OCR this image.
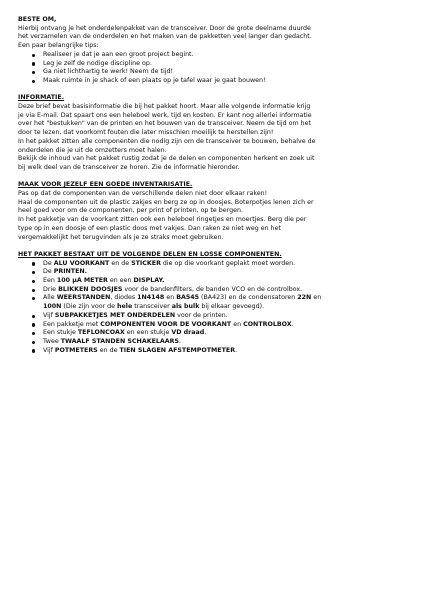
BESTE OM,

Hierbij ontvang je het onderdelenpakket van de transceiver. Door de grote deelname duurde

het verzamelen van de onderdelen en het maken van de pakketten veel langer dan gedacht.

Een paar belangrijke tips:

Realiseer je dat je aan een groot project begint.
Leg je zelf de nodige discipline op.
Ga niet lichthartig te werk! Neem de tijd!
Maak ruimte in je shack of een plaats op je tafel waar je gaat bouwen!
INFORMATIE.

Deze brief bevat basisinformatie die bij het pakket hoort. Maar alle volgende informatie krijg

je via E-mail. Dat spaart ons een heleboel werk, tijd en kosten. Er kant nog allerlei informatie

over het "bestukken" van de printen en het bouwen van de transceiver. Neem de tijd om het

door te lezen, dat voorkomt fouten die later misschien moeilijk te herstellen zijn!

In het pakket zitten alle componenten die nodig zijn om de transceiver te bouwen, behalve de

onderdelen die je uit de omzetters moet halen.

Bekijk de inhoud van het pakket rustig zodat je de delen en componenten herkent en zoek uit

bij welk deel van de transceiver ze horen. Zie de informatie hieronder.

MAAK VOOR JEZELF EEN GOEDE INVENTARISATIE.

Pas op dat de componenten van de verschillende delen niet door elkaar raken!

Haal de componenten uit de plastic zakjes en berg ze op in doosjes. Boterpotjes lenen zich er

heel goed voor om de componenten, per print of printen, op te bergen.

In het pakketje van de voorkant zitten ook een heleboel ringetjes en moertjes. Berg die per

type op in een doosje of een plastic doos met vakjes. Dan raken ze niet weg en het

vergemakkelijkt het terugvinden als je ze straks moet gebruiken.

HET PAKKET BESTAAT UIT DE VOLGENDE DELEN EN LOSSE COMPONENTEN.
De ALU VOORKANT en de STICKER die op die voorkant geplakt moet worden.
De PRINTEN.
Een 100 µA METER en een DISPLAY.
Drie BLIKKEN DOOSJES voor de bandenfilters, de banden VCO en de controlbox.
Alle WEERSTANDEN, diodes 1N4148 en BA545 (BA423) en de condensatoren 22N en
100N (Die zijn voor de hele transceiver als bulk bij elkaar gevoegd).
Vijf SUBPAKKETJES MET ONDERDELEN voor de printen.
Een pakketje met COMPONENTEN VOOR DE VOORKANT en CONTROLBOX.
Een stukje TEFLONCOAX en een stukje VD draad.
Twee TWAALF STANDEN SCHAKELAARS.
Vijf POTMETERS en de TIEN SLAGEN AFSTEMPOTMETER.
